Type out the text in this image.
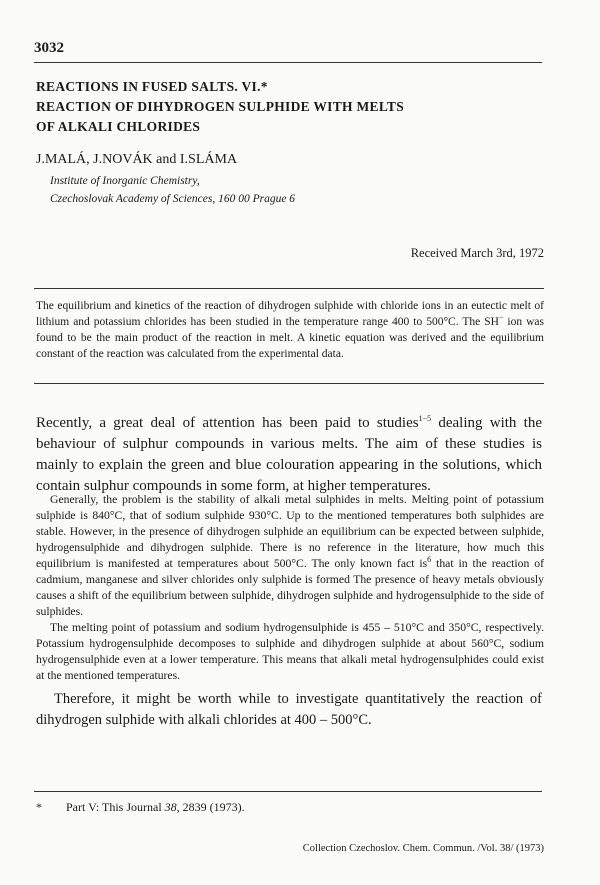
3032
REACTIONS IN FUSED SALTS. VI.*
REACTION OF DIHYDROGEN SULPHIDE WITH MELTS
OF ALKALI CHLORIDES
J.MALÁ, J.NOVÁK and I.SLÁMA
Institute of Inorganic Chemistry,
Czechoslovak Academy of Sciences, 160 00 Prague 6
Received March 3rd, 1972
The equilibrium and kinetics of the reaction of dihydrogen sulphide with chloride ions in an eutectic melt of lithium and potassium chlorides has been studied in the temperature range 400 to 500°C. The SH− ion was found to be the main product of the reaction in melt. A kinetic equation was derived and the equilibrium constant of the reaction was calculated from the experimental data.
Recently, a great deal of attention has been paid to studies$^{1-5}$ dealing with the behaviour of sulphur compounds in various melts. The aim of these studies is mainly to explain the green and blue colouration appearing in the solutions, which contain sulphur compounds in some form, at higher temperatures.
Generally, the problem is the stability of alkali metal sulphides in melts. Melting point of potassium sulphide is 840°C, that of sodium sulphide 930°C. Up to the mentioned temperatures both sulphides are stable. However, in the presence of dihydrogen sulphide an equilibrium can be expected between sulphide, hydrogensulphide and dihydrogen sulphide. There is no reference in the literature, how much this equilibrium is manifested at temperatures about 500°C. The only known fact $is^6$ that in the reaction of cadmium, manganese and silver chlorides only sulphide is formed The presence of heavy metals obviously causes a shift of the equilibrium between sulphide, dihydrogen sulphide and hydrogensulphide to the side of sulphides.
The melting point of potassium and sodium hydrogensulphide is 455 – 510°C and 350°C, respectively. Potassium hydrogensulphide decomposes to sulphide and dihydrogen sulphide at about 560°C, sodium hydrogensulphide even at a lower temperature. This means that alkali metal hydrogensulphides could exist at the mentioned temperatures.
Therefore, it might be worth while to investigate quantitatively the reaction of dihydrogen sulphide with alkali chlorides at 400 – 500°C.
* Part V: This Journal 38, 2839 (1973).
Collection Czechoslov. Chem. Commun. /Vol. 38/ (1973)
